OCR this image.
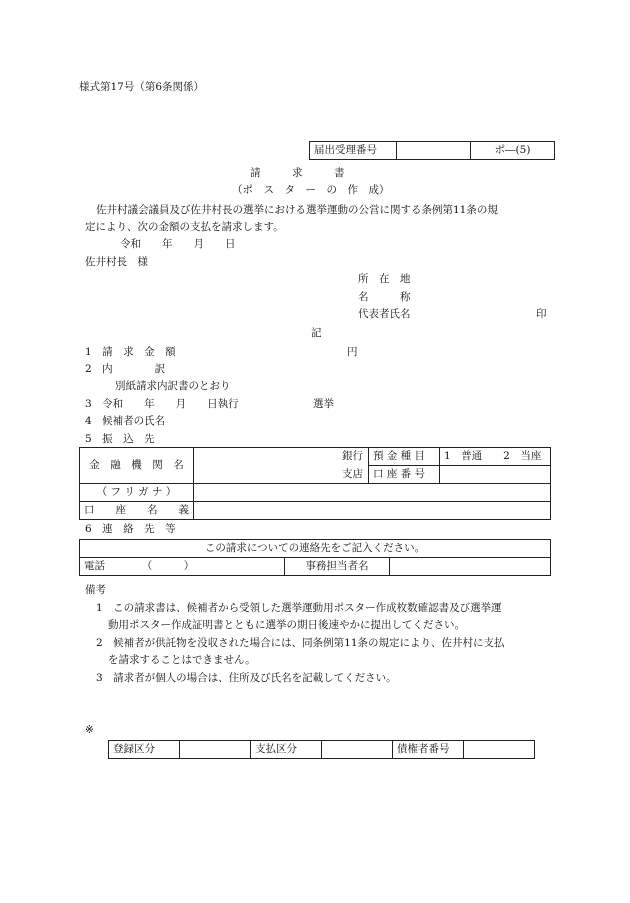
様式第17号（第6条関係）
届出受理番号		ポ―(5)
請　　　求　　　書
（ポ　ス　タ　ー　の　作　成）
佐井村議会議員及び佐井村長の選挙における選挙運動の公営に関する条例第11条の規
定により、次の金額の支払を請求します。
令和　　年　　月　　日
佐井村長　様
所　在　地
名　　　称
代表者氏名	印
記
1　請　求　金　額	円
2　内　　　　訳
別紙請求内訳書のとおり
3　令和　　年　　月　　日執行	選挙
4　候補者の氏名
5　振　込　先
金　融　機　関　名		銀行	預 金 種 目	1　普通　　2　当座
		支店	口 座 番 号	
（ フ リ ガ ナ ）				
口　　座　　名　　義				
6　連　絡　先　等
この請求についての連絡先をご記入ください。
電話　　　　（　　　）	事務担当者名	
備考
1　この請求書は、候補者から受領した選挙運動用ポスター作成枚数確認書及び選挙運
動用ポスター作成証明書とともに選挙の期日後速やかに提出してください。
2　候補者が供託物を没収された場合には、同条例第11条の規定により、佐井村に支払
を請求することはできません。
3　請求者が個人の場合は、住所及び氏名を記載してください。
※
登録区分		支払区分		債権者番号	
